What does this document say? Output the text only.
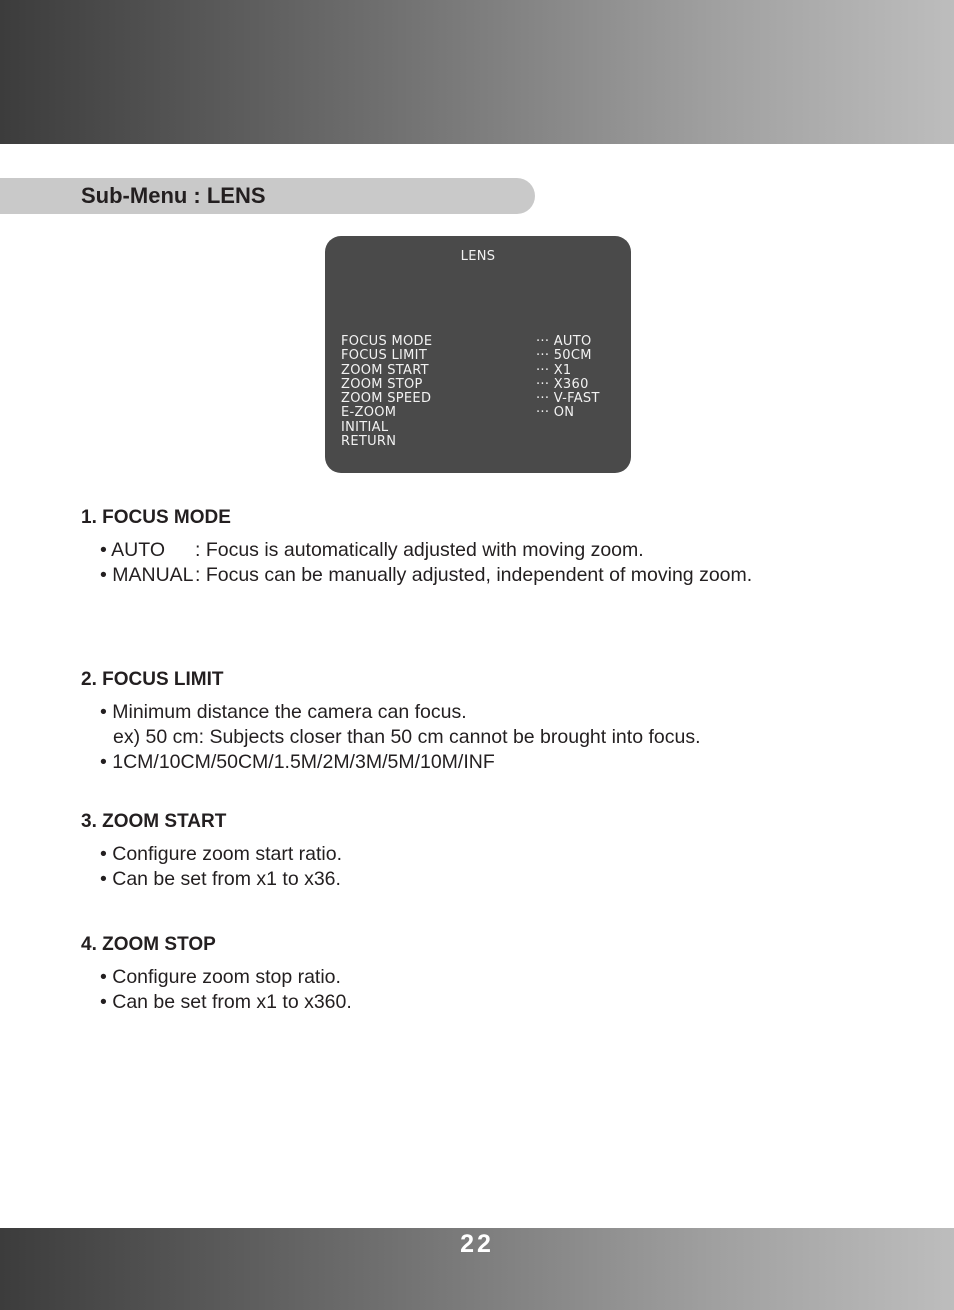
Sub-Menu : LENS
LENS
FOCUS MODE
FOCUS LIMIT
ZOOM START
ZOOM STOP
ZOOM SPEED
E-ZOOM
INITIAL
RETURN
··· AUTO
··· 50CM
··· X1
··· X360
··· V-FAST
··· ON
1. FOCUS MODE
• AUTO : Focus is automatically adjusted with moving zoom.
• MANUAL: Focus can be manually adjusted, independent of moving zoom.
2. FOCUS LIMIT
• Minimum distance the camera can focus.
ex) 50 cm: Subjects closer than 50 cm cannot be brought into focus.
• 1CM/10CM/50CM/1.5M/2M/3M/5M/10M/INF
3. ZOOM START
• Configure zoom start ratio.
• Can be set from x1 to x36.
4. ZOOM STOP
• Configure zoom stop ratio.
• Can be set from x1 to x360.
22
